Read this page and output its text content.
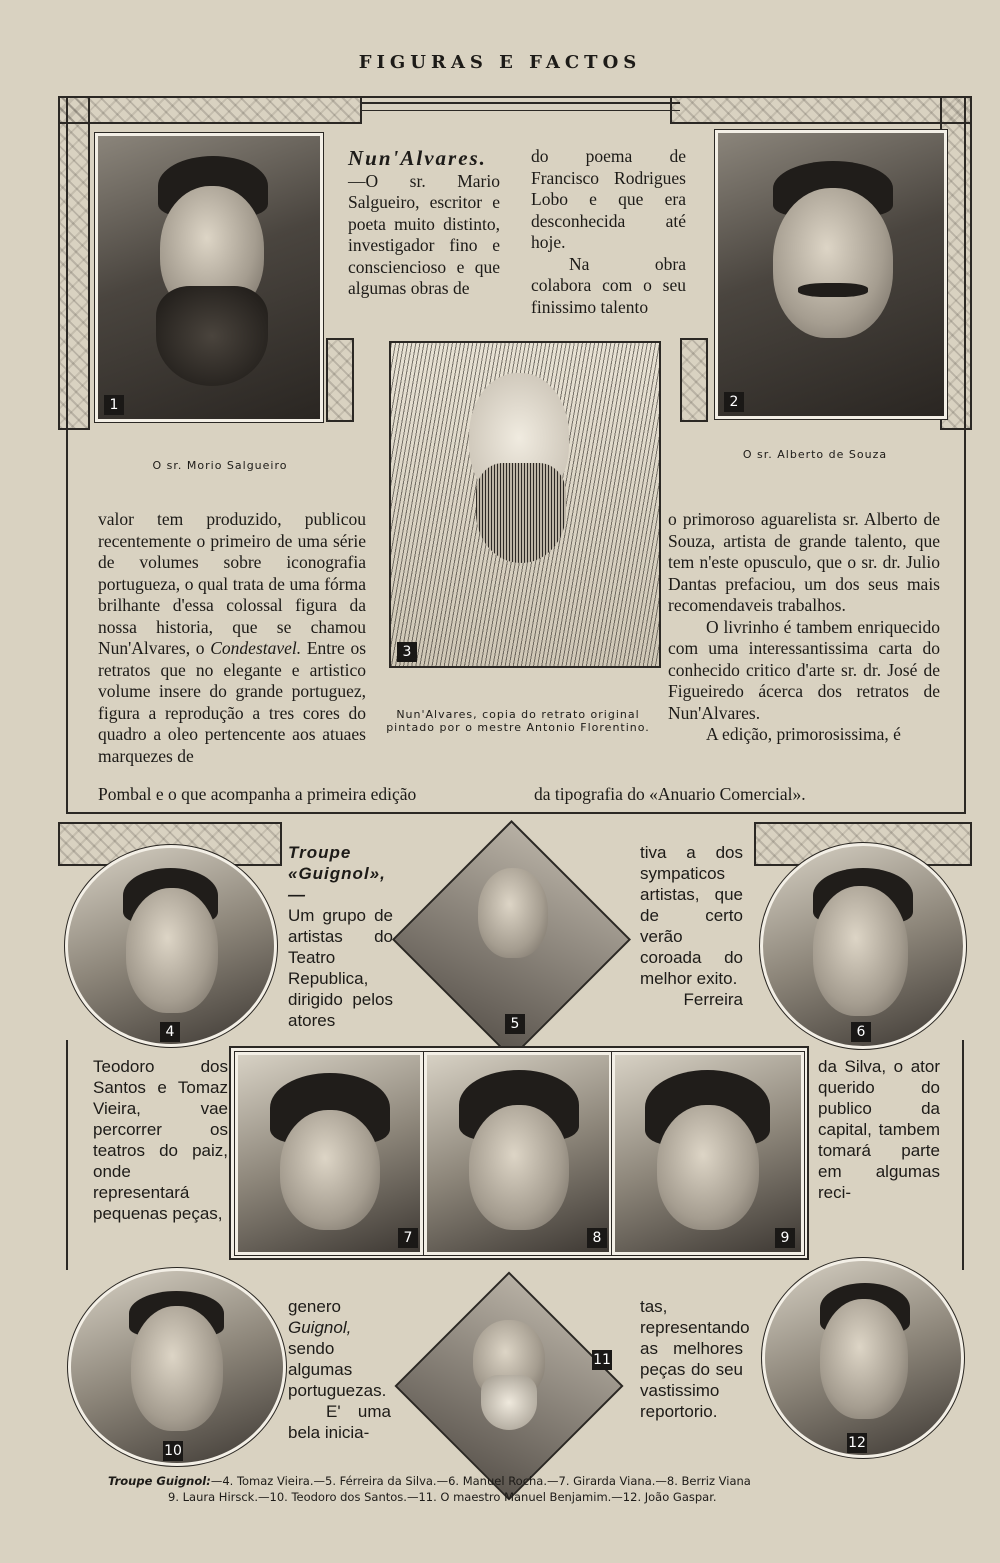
FIGURAS E FACTOS
1
O sr. Morio Salgueiro
2
O sr. Alberto de Souza
3
Nun'Alvares, copia do retrato original pintado por o mestre Antonio Florentino.
Nun'Alvares.—O sr. Mario Salgueiro, escritor e poeta muito distinto, investigador fino e consciencioso e que algumas obras de

do poema de Francisco Rodrigues Lobo e que era desconhecida até hoje.

Na obra colabora com o seu finissimo talento

valor tem produzido, publicou recentemente o primeiro de uma série de volumes sobre iconografia portugueza, o qual trata de uma fórma brilhante d'essa colossal figura da nossa historia, que se chamou Nun'Alvares, o Condestavel. Entre os retratos que no elegante e artistico volume insere do grande portuguez, figura a reprodução a tres cores do quadro a oleo pertencente aos atuaes marquezes de

Pombal e o que acompanha a primeira edição

o primoroso aguarelista sr. Alberto de Souza, artista de grande talento, que tem n'este opusculo, que o sr. dr. Julio Dantas prefaciou, um dos seus mais recomendaveis trabalhos.

O livrinho é tambem enriquecido com uma interessantissima carta do conhecido critico d'arte sr. dr. José de Figueiredo ácerca dos retratos de Nun'Alvares.

A edição, primorosissima, é

da tipografia do «Anuario Comercial».
4	5	6
Troupe «Guignol», —
Um grupo de artistas do Teatro Republica, dirigido pelos atores

tiva a dos sympaticos artistas, que de certo verão coroada do melhor exito.

Ferreira

Teodoro dos Santos e Tomaz Vieira, vae percorrer os teatros do paiz, onde representará pequenas peças,

da Silva, o ator querido do publico da capital, tambem tomará parte em algumas reci-

7	8	9
10
11
12

genero Guignol, sendo algumas portuguezas.

E' uma bela inicia-

tas, representando as melhores peças do seu vastissimo reportorio.

Troupe Guignol:—4. Tomaz Vieira.—5. Férreira da Silva.—6. Manuel Rocha.—7. Girarda Viana.—8. Berriz Viana
9. Laura Hirsck.—10. Teodoro dos Santos.—11. O maestro Manuel Benjamim.—12. João Gaspar.
